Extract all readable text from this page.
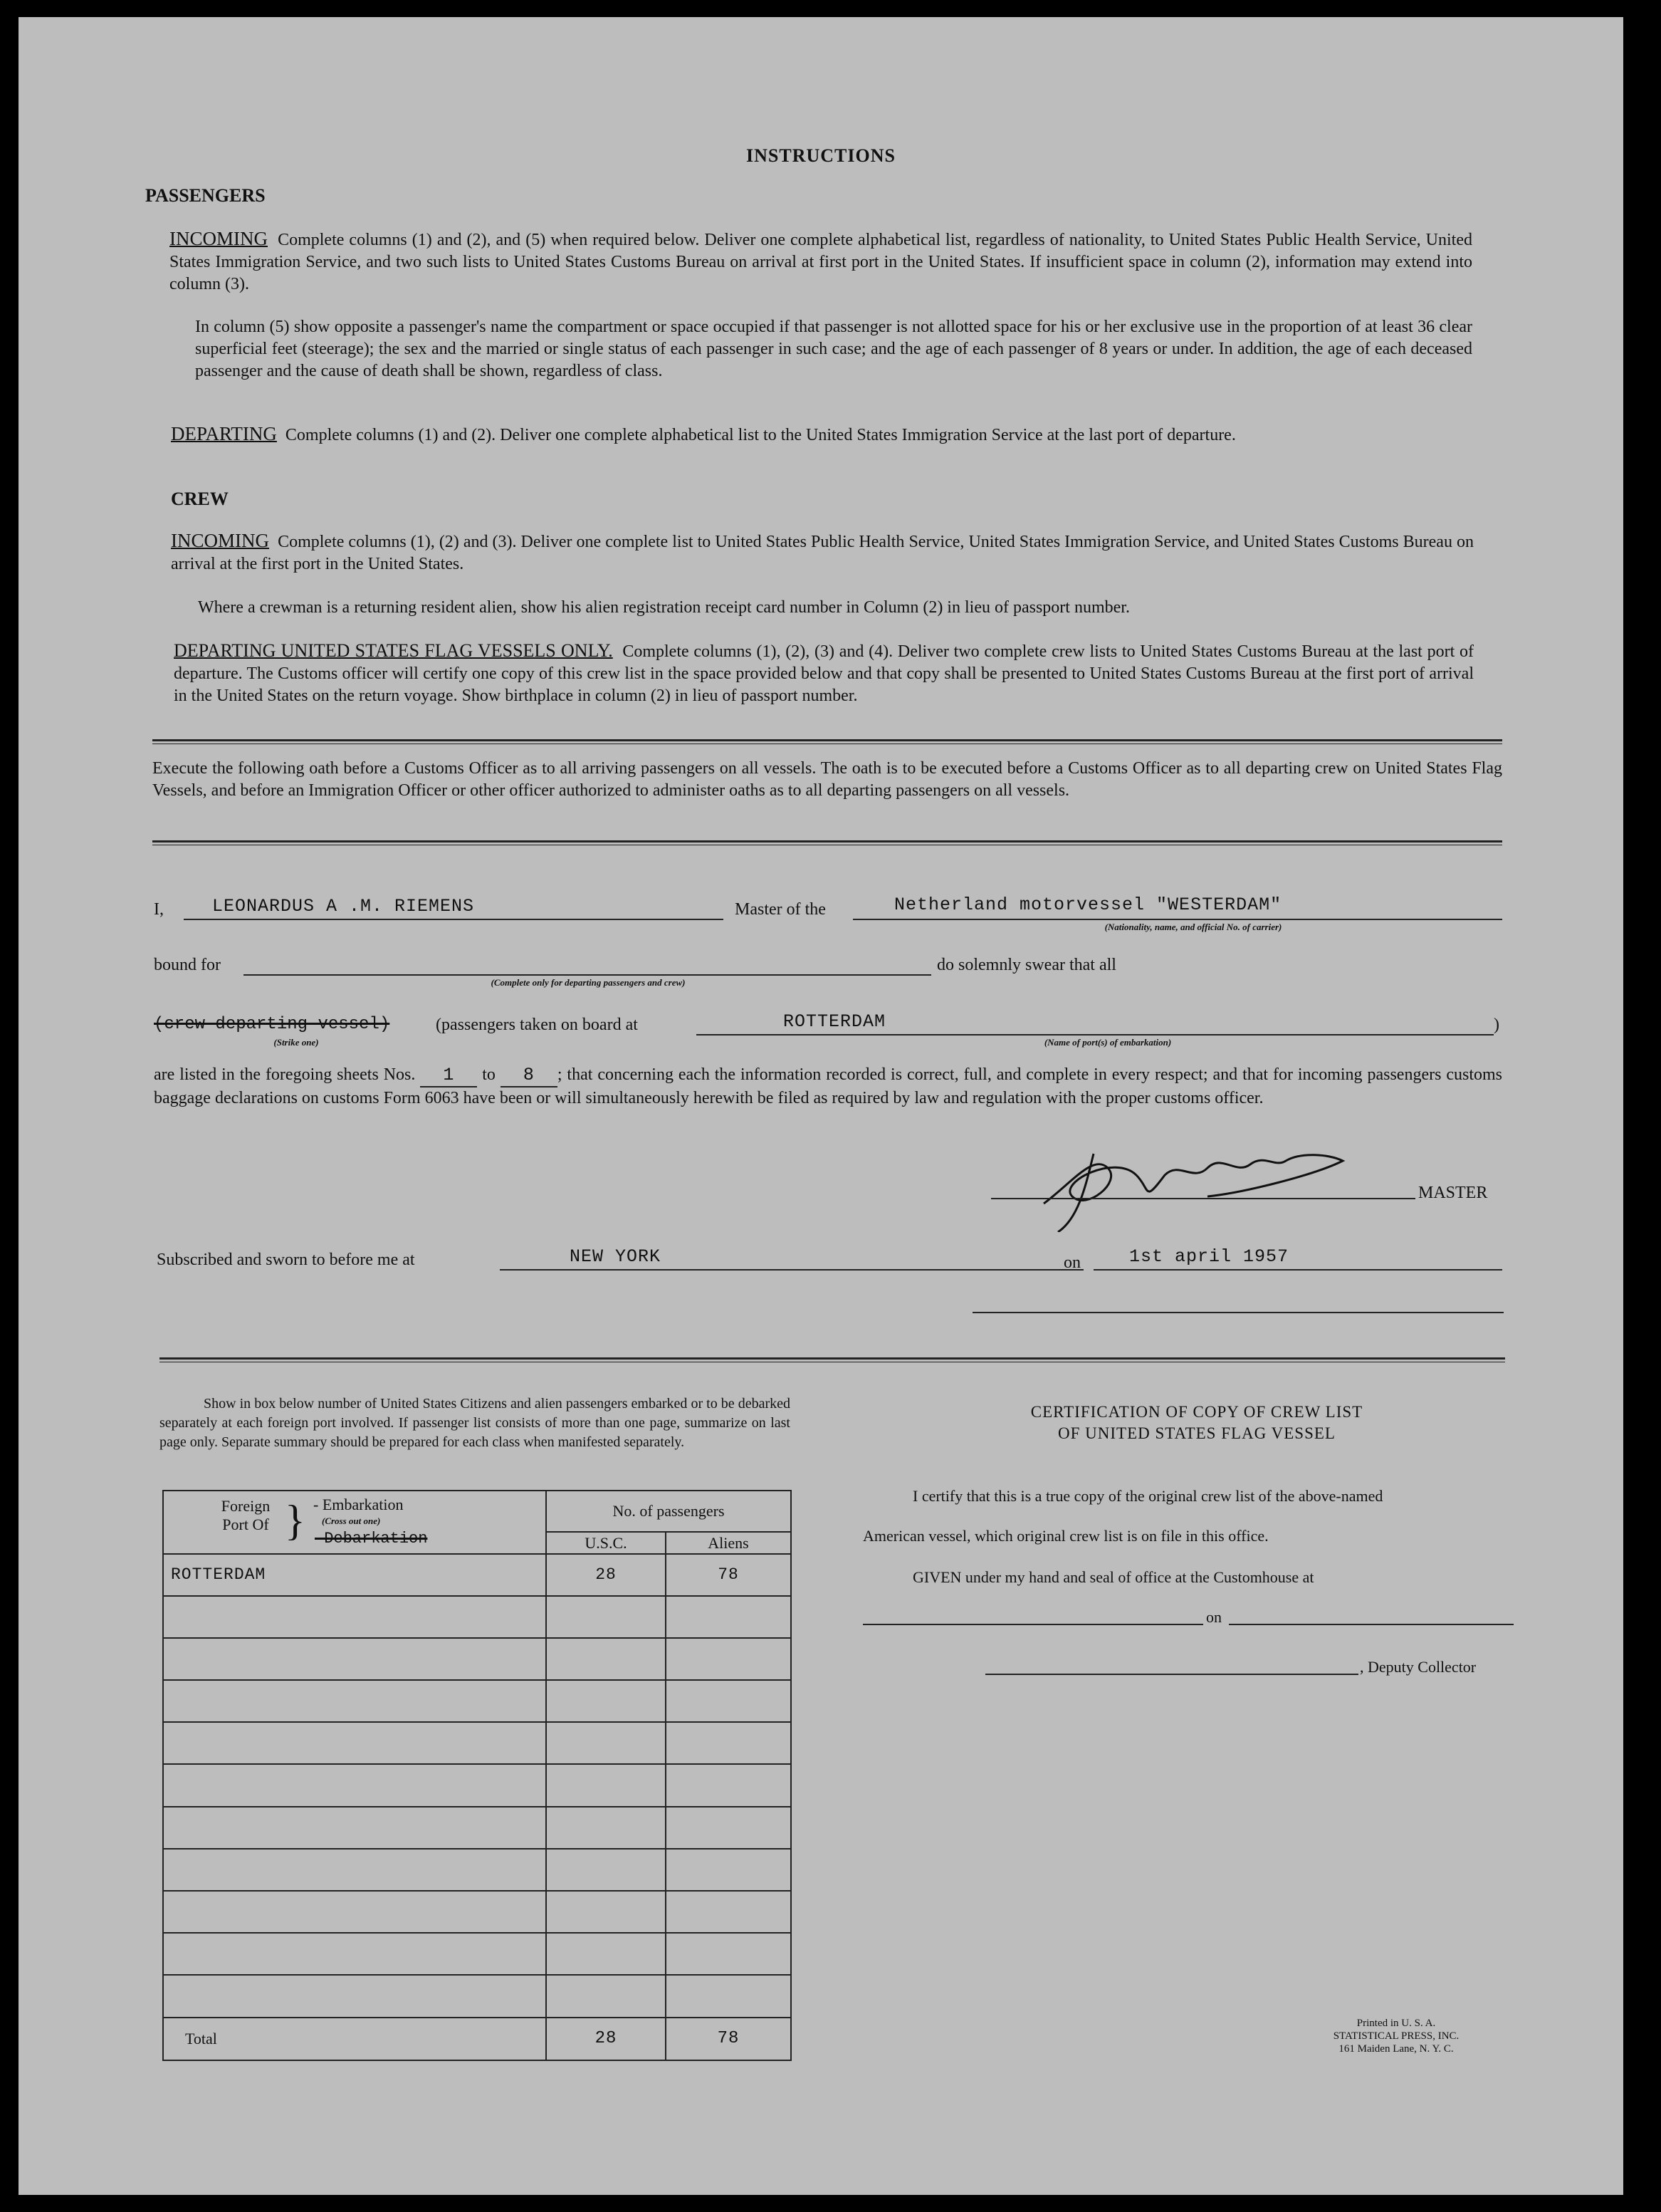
INSTRUCTIONS
PASSENGERS
INCOMING Complete columns (1) and (2), and (5) when required below. Deliver one complete alphabetical list, regardless of nationality, to United States Public Health Service, United States Immigration Service, and two such lists to United States Customs Bureau on arrival at first port in the United States. If insufficient space in column (2), information may extend into column (3).
In column (5) show opposite a passenger's name the compartment or space occupied if that passenger is not allotted space for his or her exclusive use in the proportion of at least 36 clear superficial feet (steerage); the sex and the married or single status of each passenger in such case; and the age of each passenger of 8 years or under. In addition, the age of each deceased passenger and the cause of death shall be shown, regardless of class.
DEPARTING Complete columns (1) and (2). Deliver one complete alphabetical list to the United States Immigration Service at the last port of departure.
CREW
INCOMING Complete columns (1), (2) and (3). Deliver one complete list to United States Public Health Service, United States Immigration Service, and United States Customs Bureau on arrival at the first port in the United States.
Where a crewman is a returning resident alien, show his alien registration receipt card number in Column (2) in lieu of passport number.
DEPARTING UNITED STATES FLAG VESSELS ONLY. Complete columns (1), (2), (3) and (4). Deliver two complete crew lists to United States Customs Bureau at the last port of departure. The Customs officer will certify one copy of this crew list in the space provided below and that copy shall be presented to United States Customs Bureau at the first port of arrival in the United States on the return voyage. Show birthplace in column (2) in lieu of passport number.
Execute the following oath before a Customs Officer as to all arriving passengers on all vessels. The oath is to be executed before a Customs Officer as to all departing crew on United States Flag Vessels, and before an Immigration Officer or other officer authorized to administer oaths as to all departing passengers on all vessels.
I,	LEONARDUS A .M. RIEMENS	Master of the	Netherland motorvessel "WESTERDAM"
(Nationality, name, and official No. of carrier)
bound for
(Complete only for departing passengers and crew)
do solemnly swear that all
(crew departing vessel)
(Strike one)
(passengers taken on board at	ROTTERDAM
(Name of port(s) of embarkation)
)
are listed in the foregoing sheets Nos. 1 to 8 ; that concerning each the information recorded is correct, full, and complete in every respect; and that for incoming passengers customs baggage declarations on customs Form 6063 have been or will simultaneously herewith be filed as required by law and regulation with the proper customs officer.
MASTER
Subscribed and sworn to before me at	NEW YORK	on	1st april 1957
Show in box below number of United States Citizens and alien passengers embarked or to be debarked separately at each foreign port involved. If passenger list consists of more than one page, summarize on last page only. Separate summary should be prepared for each class when manifested separately.
Foreign Port Of } - Embarkation
(Cross out one)
-Debarkation	No. of passengers	
	U.S.C.	Aliens
ROTTERDAM	28	78

Total	28	78
CERTIFICATION OF COPY OF CREW LIST
OF UNITED STATES FLAG VESSEL
I certify that this is a true copy of the original crew list of the above-named
American vessel, which original crew list is on file in this office.
GIVEN under my hand and seal of office at the Customhouse at
on
, Deputy Collector
Printed in U. S. A.
STATISTICAL PRESS, INC.
161 Maiden Lane, N. Y. C.
